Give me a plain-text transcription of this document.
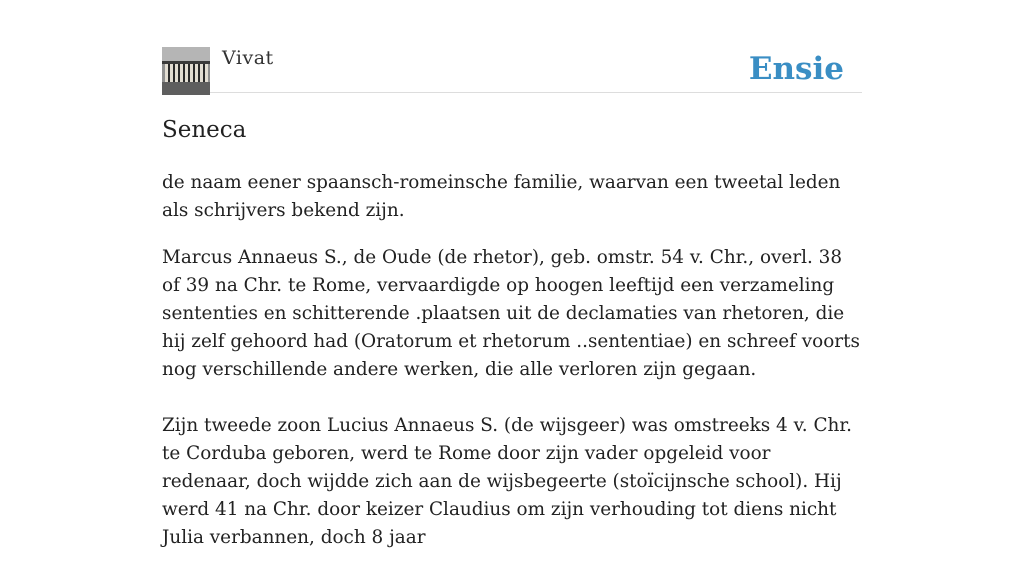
Vivat	Ensie
Seneca

de naam eener spaansch-romeinsche familie, waarvan een tweetal leden als schrijvers bekend zijn.

Marcus Annaeus S., de Oude (de rhetor), geb. omstr. 54 v. Chr., overl. 38 of 39 na Chr. te Rome, vervaardigde op hoogen leeftijd een verzameling sententies en schitterende .plaatsen uit de declamaties van rhetoren, die hij zelf gehoord had (Oratorum et rhetorum ..sententiae) en schreef voorts nog verschillende andere werken, die alle verloren zijn gegaan.

Zijn tweede zoon Lucius Annaeus S. (de wijsgeer) was omstreeks 4 v. Chr. te Corduba geboren, werd te Rome door zijn vader opgeleid voor redenaar, doch wijdde zich aan de wijsbegeerte (stoïcijnsche school). Hij werd 41 na Chr. door keizer Claudius om zijn verhouding tot diens nicht Julia verbannen, doch 8 jaar
